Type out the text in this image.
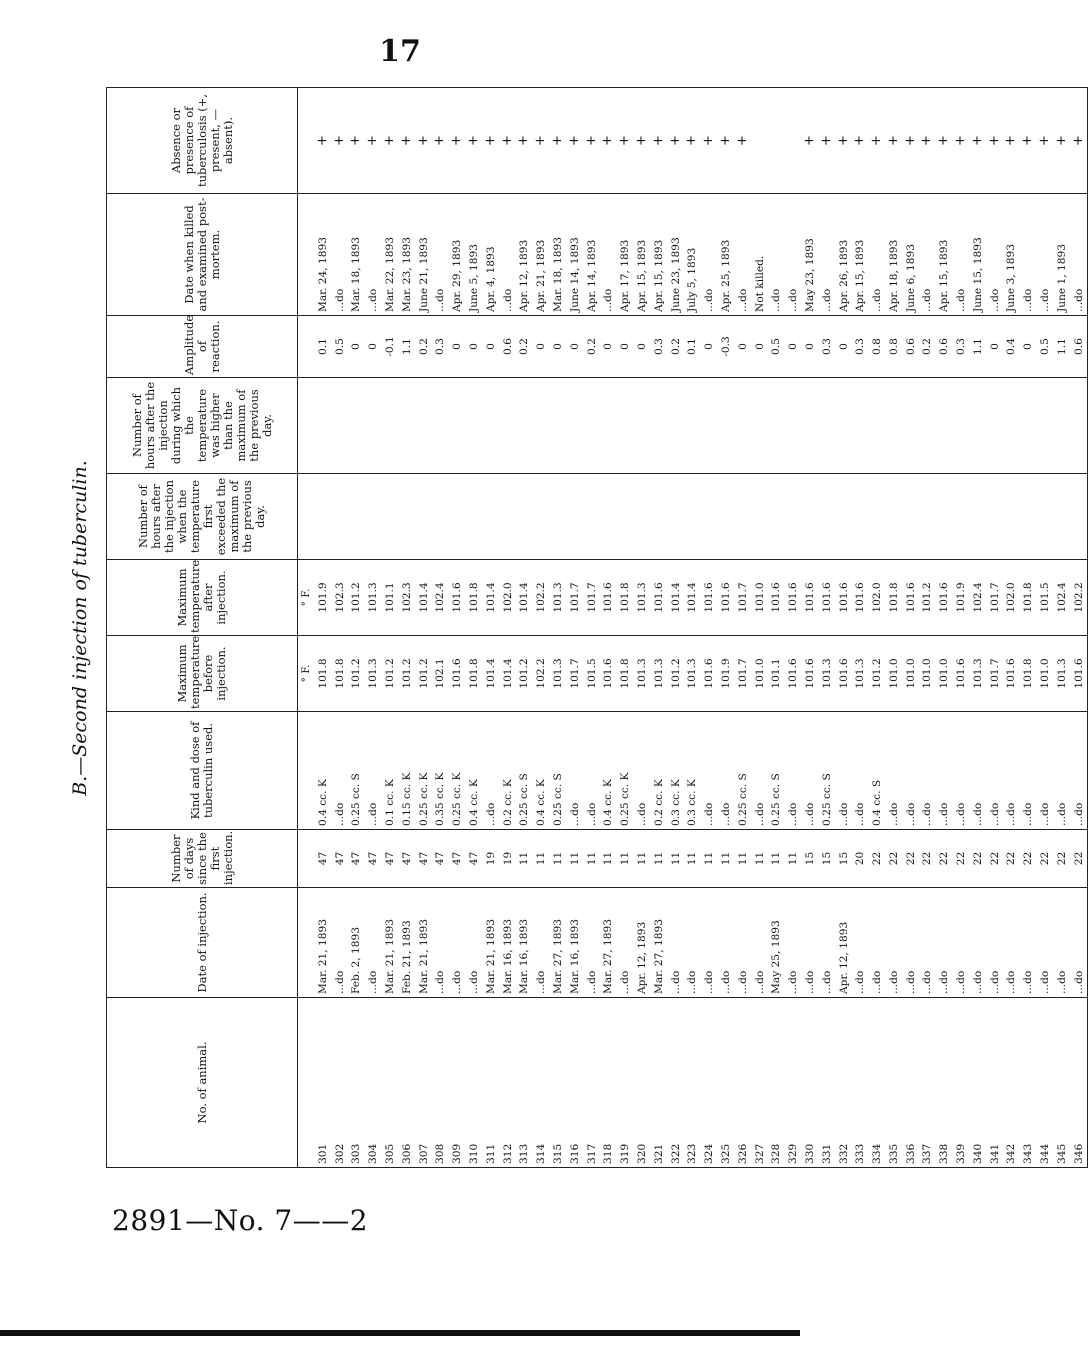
17
B.—Second injection of tuberculin.
No. of animal.	Date of injection.	Number of days since the first injection.	Kind and dose of tuberculin used.	Maximum temperature before injection.	Maximum temperature after injection.	Number of hours after the injection when the temperature first exceeded the maximum of the previous day.	Number of hours after the injection during which the temperature was higher than the maximum of the previous day.	Amplitude of reaction.	Date when killed and examined post-mortem.	Absence or presence of tuberculosis (+, present, —absent).
				° F.	° F.					
301	Mar. 21, 1893	47	0.4 cc. K	101.8	101.9			0.1	Mar. 24, 1893	+
302	...do	47	...do	101.8	102.3			0.5	...do	+
303	Feb. 2, 1893	47	0.25 cc. S	101.2	101.2			0	Mar. 18, 1893	+
304	...do	47	...do	101.3	101.3			0	...do	+
305	Mar. 21, 1893	47	0.1 cc. K	101.2	101.1			-0.1	Mar. 22, 1893	+
306	Feb. 21, 1893	47	0.15 cc. K	101.2	102.3			1.1	Mar. 23, 1893	+
307	Mar. 21, 1893	47	0.25 cc. K	101.2	101.4			0.2	June 21, 1893	+
308	...do	47	0.35 cc. K	102.1	102.4			0.3	...do	+
309	...do	47	0.25 cc. K	101.6	101.6			0	Apr. 29, 1893	+
310	...do	47	0.4 cc. K	101.8	101.8			0	June 5, 1893	+
311	Mar. 21, 1893	19	...do	101.4	101.4			0	Apr. 4, 1893	+
312	Mar. 16, 1893	19	0.2 cc. K	101.4	102.0			0.6	...do	+
313	Mar. 16, 1893	11	0.25 cc. S	101.2	101.4			0.2	Apr. 12, 1893	+
314	...do	11	0.4 cc. K	102.2	102.2			0	Apr. 21, 1893	+
315	Mar. 27, 1893	11	0.25 cc. S	101.3	101.3			0	Mar. 18, 1893	+
316	Mar. 16, 1893	11	...do	101.7	101.7			0	June 14, 1893	+
317	...do	11	...do	101.5	101.7			0.2	Apr. 14, 1893	+
318	Mar. 27, 1893	11	0.4 cc. K	101.6	101.6			0	...do	+
319	...do	11	0.25 cc. K	101.8	101.8			0	Apr. 17, 1893	+
320	Apr. 12, 1893	11	...do	101.3	101.3			0	Apr. 15, 1893	+
321	Mar. 27, 1893	11	0.2 cc. K	101.3	101.6			0.3	Apr. 15, 1893	+
322	...do	11	0.3 cc. K	101.2	101.4			0.2	June 23, 1893	+
323	...do	11	0.3 cc. K	101.3	101.4			0.1	July 5, 1893	+
324	...do	11	...do	101.6	101.6			0	...do	+
325	...do	11	...do	101.9	101.6			-0.3	Apr. 25, 1893	+
326	...do	11	0.25 cc. S	101.7	101.7			0	...do	+
327	...do	11	...do	101.0	101.0			0	Not killed.	
328	May 25, 1893	11	0.25 cc. S	101.1	101.6			0.5	...do	
329	...do	11	...do	101.6	101.6			0	...do	
330	...do	15	...do	101.6	101.6			0	May 23, 1893	+
331	...do	15	0.25 cc. S	101.3	101.6			0.3	...do	+
332	Apr. 12, 1893	15	...do	101.6	101.6			0	Apr. 26, 1893	+
333	...do	20	...do	101.3	101.6			0.3	Apr. 15, 1893	+
334	...do	22	0.4 cc. S	101.2	102.0			0.8	...do	+
335	...do	22	...do	101.0	101.8			0.8	Apr. 18, 1893	+
336	...do	22	...do	101.0	101.6			0.6	June 6, 1893	+
337	...do	22	...do	101.0	101.2			0.2	...do	+
338	...do	22	...do	101.0	101.6			0.6	Apr. 15, 1893	+
339	...do	22	...do	101.6	101.9			0.3	...do	+
340	...do	22	...do	101.3	102.4			1.1	June 15, 1893	+
341	...do	22	...do	101.7	101.7			0	...do	+
342	...do	22	...do	101.6	102.0			0.4	June 3, 1893	+
343	...do	22	...do	101.8	101.8			0	...do	+
344	...do	22	...do	101.0	101.5			0.5	...do	+
345	...do	22	...do	101.3	102.4			1.1	June 1, 1893	+
346	...do	22	...do	101.6	102.2			0.6	...do	+
2891—No. 7——2
